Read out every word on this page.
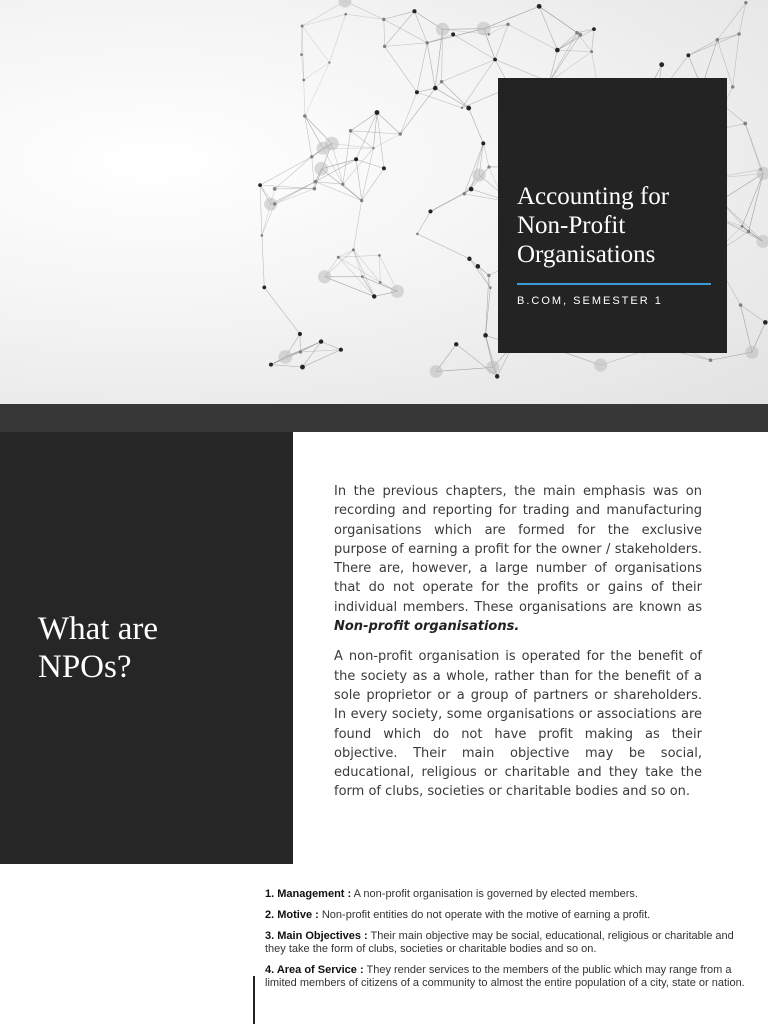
Accounting for
Non-Profit
Organisations
B.COM, SEMESTER 1
What are
NPOs?

In the previous chapters, the main emphasis was on recording and reporting for trading and manufacturing organisations which are formed for the exclusive purpose of earning a profit for the owner / stakeholders. There are, however, a large number of organisations that do not operate for the profits or gains of their individual members. These organisations are known as Non-profit organisations.

A non-profit organisation is operated for the benefit of the society as a whole, rather than for the benefit of a sole proprietor or a group of partners or shareholders. In every society, some organisations or associations are found which do not have profit making as their objective. Their main objective may be social, educational, religious or charitable and they take the form of clubs, societies or charitable bodies and so on.

1. Management : A non-profit organisation is governed by elected members.
2. Motive : Non-profit entities do not operate with the motive of earning a profit.
3. Main Objectives : Their main objective may be social, educational, religious or charitable and they take the form of clubs, societies or charitable bodies and so on.
4. Area of Service : They render services to the members of the public which may range from a limited members of citizens of a community to almost the entire population of a city, state or nation.
